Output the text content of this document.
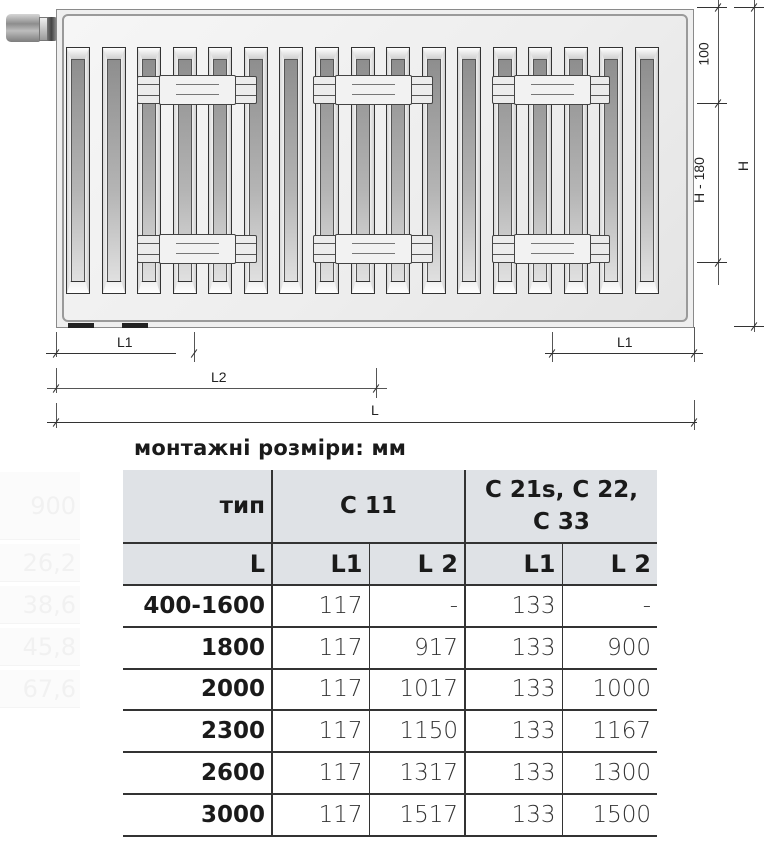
900
26,2
38,6
45,8
67,6
100
H - 180 H
L1	L1
L2
L
монтажні розміри: мм
тип	C 11		C 21s, C 22,
C 33	

L	L1	L 2	L1	L 2
400-1600	117	-	133	-
1800	117	917	133	900
2000	117	1017	133	1000
2300	117	1150	133	1167
2600	117	1317	133	1300
3000	117	1517	133	1500
